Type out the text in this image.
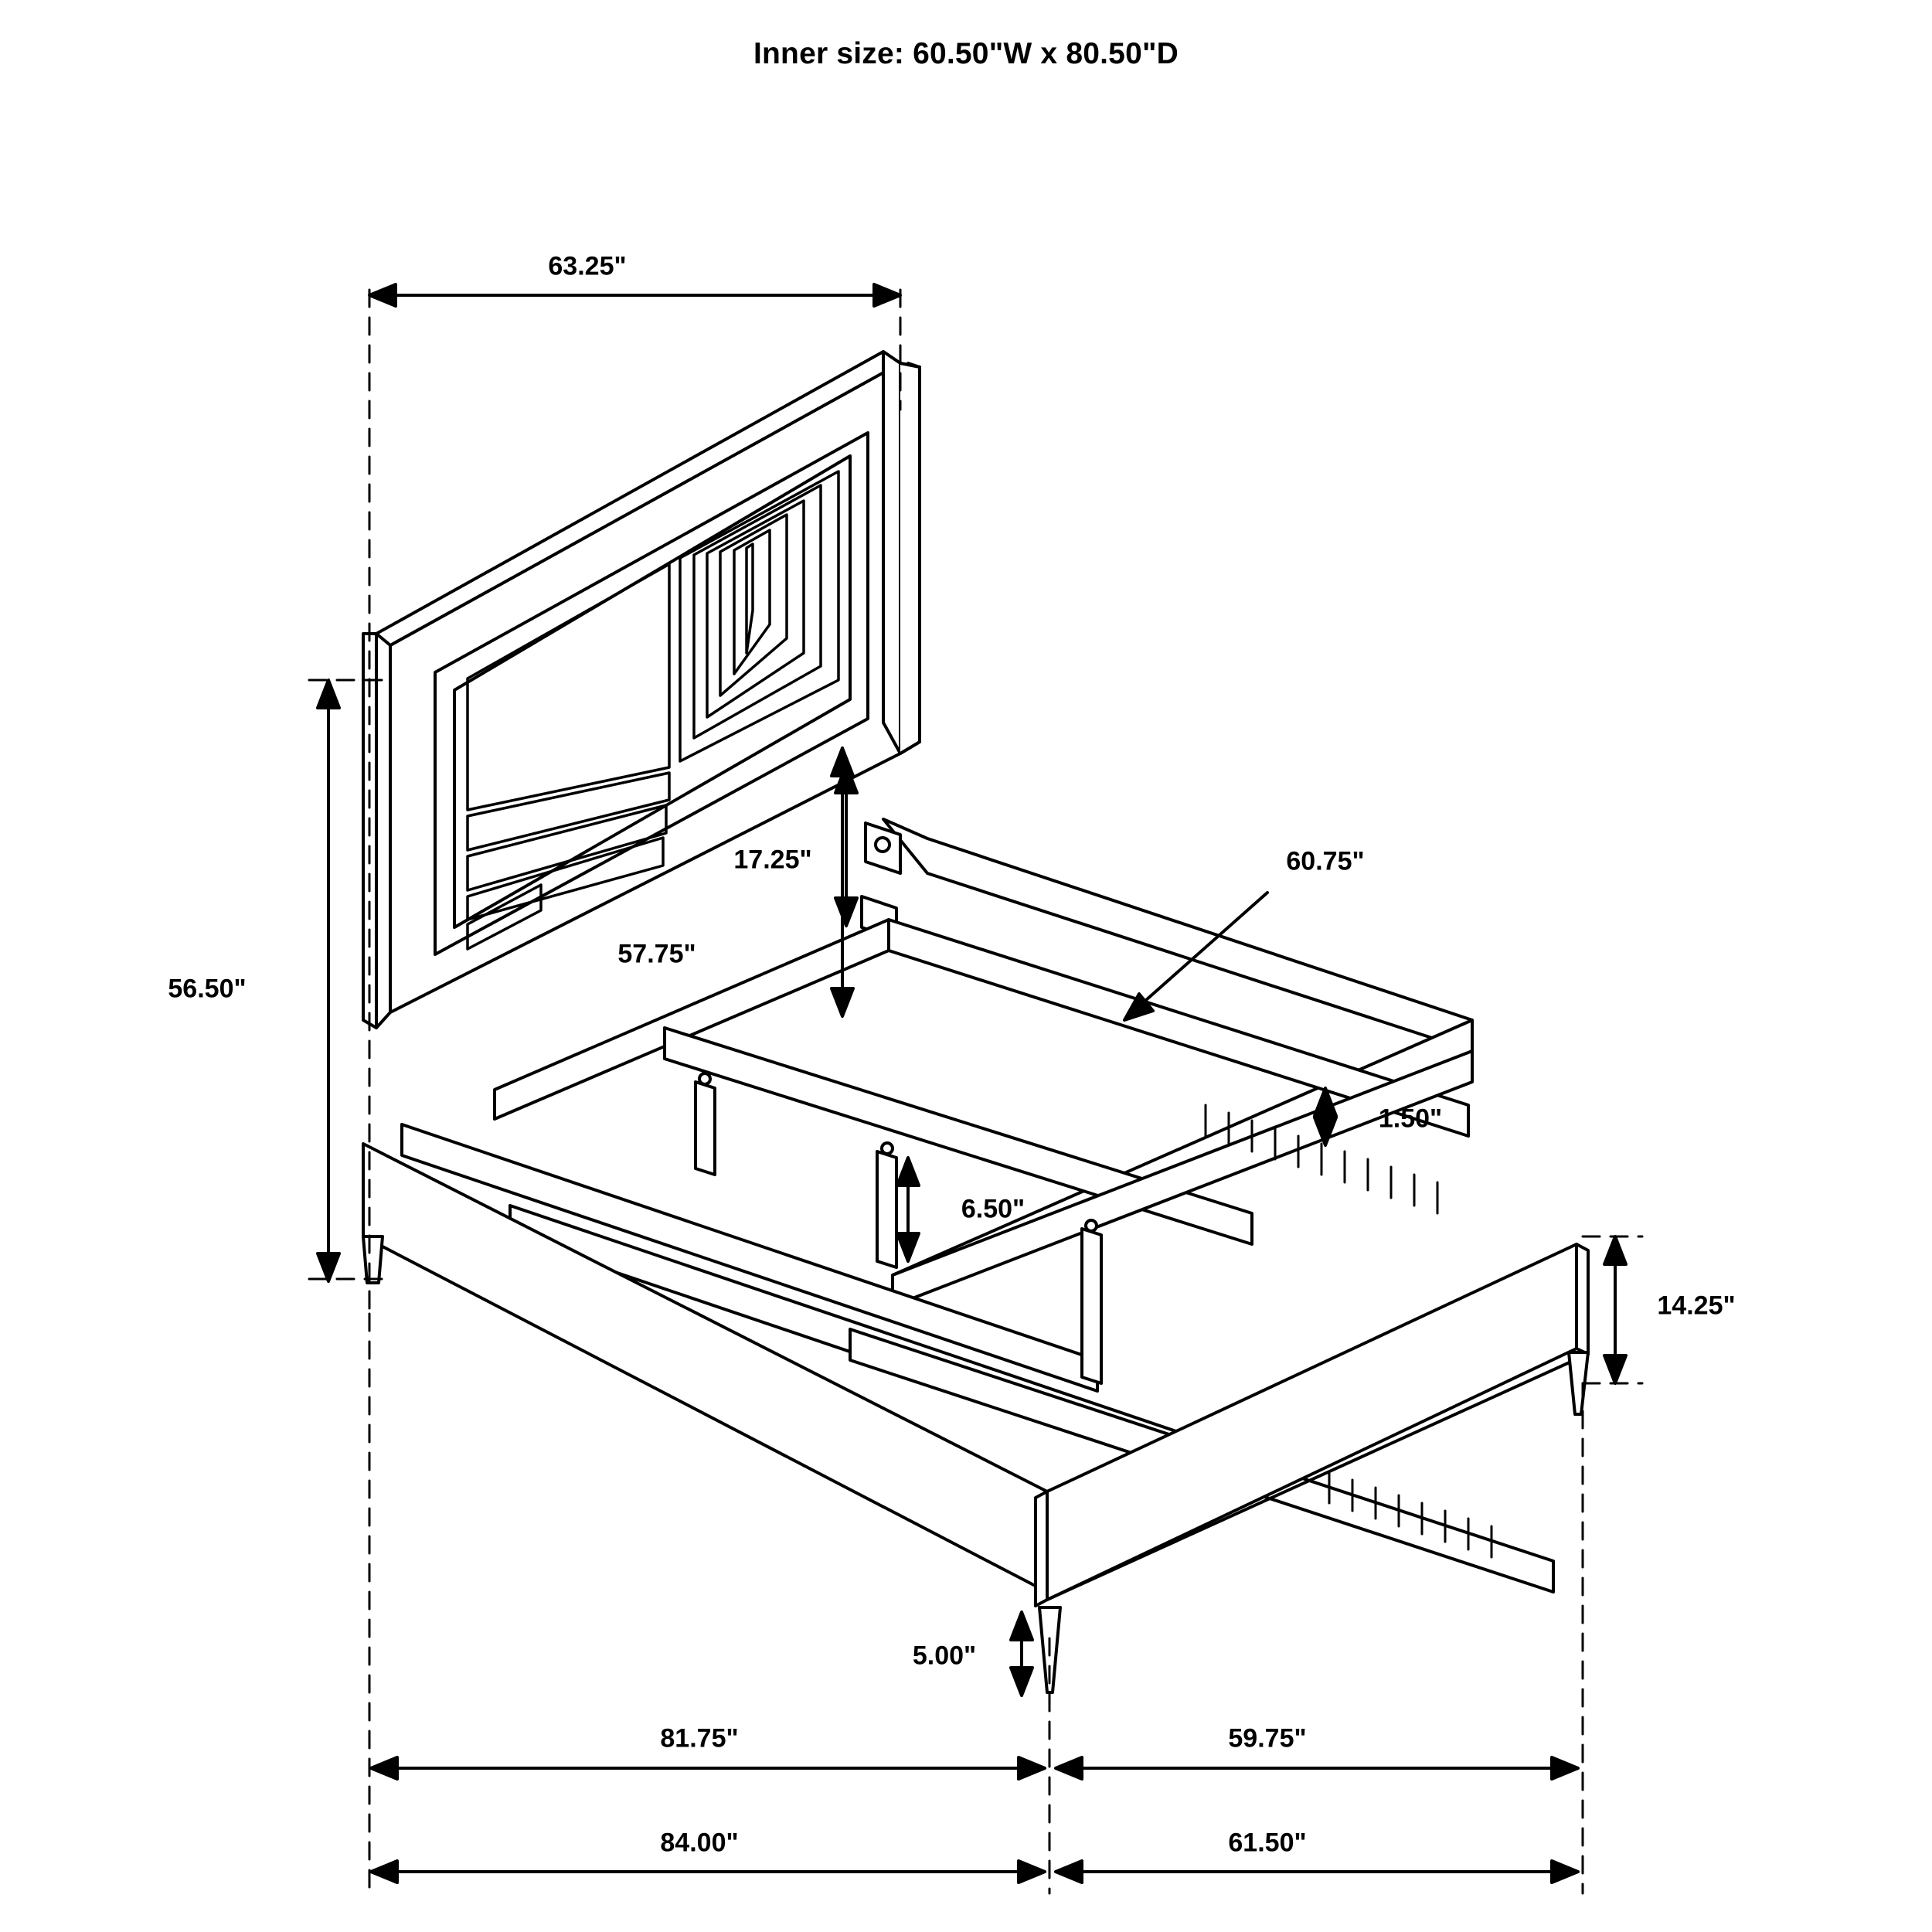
Inner size: 60.50"W x 80.50"D
63.25"
56.50"
57.75"
17.25"	60.75"
1.50"
6.50"
14.25"
5.00"
81.75"	59.75"
84.00"	61.50"
